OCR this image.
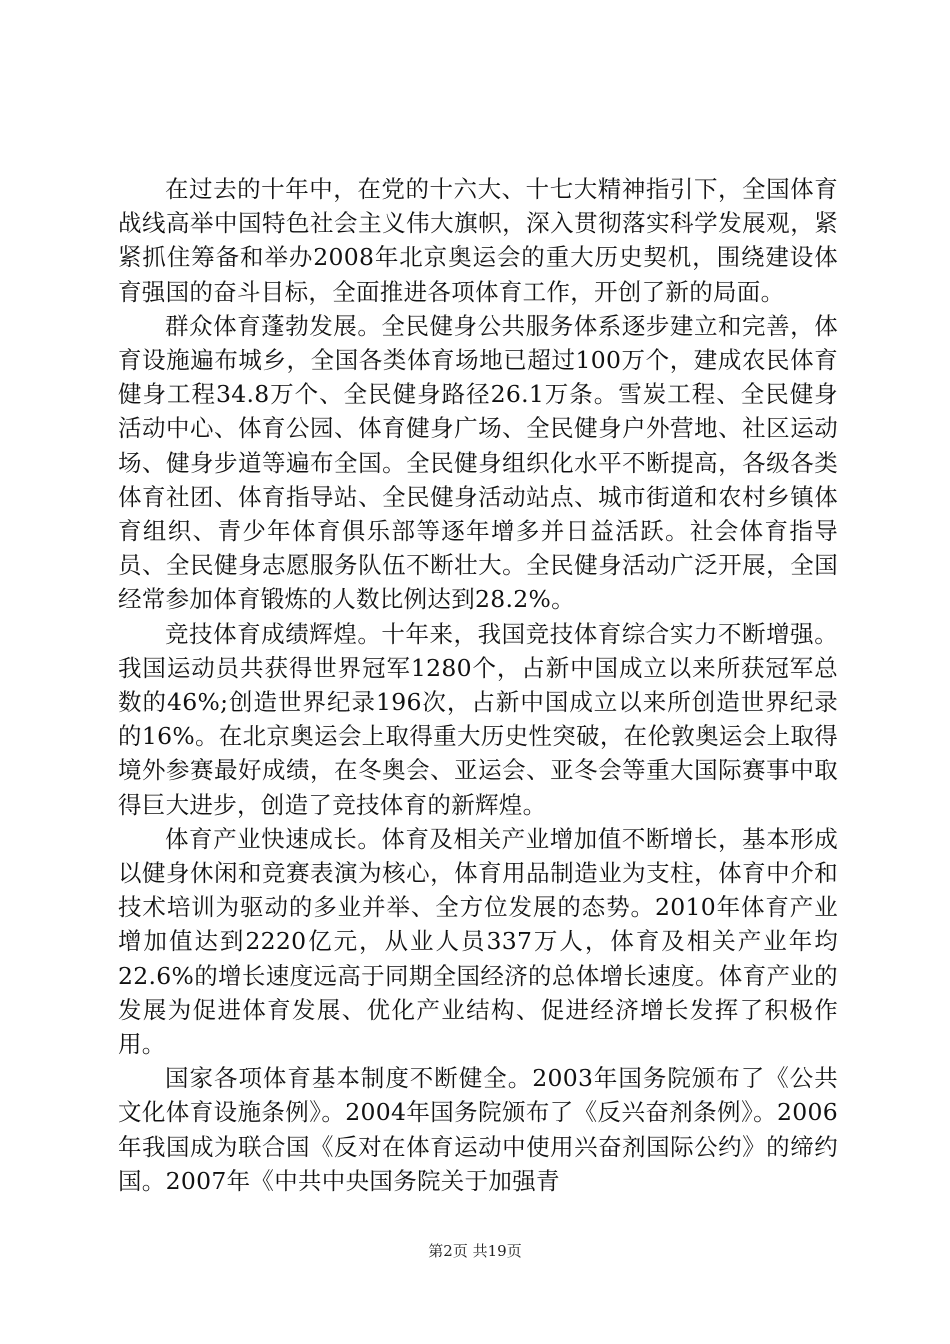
在过去的十年中，在党的十六大、十七大精神指引下，全国体育战线高举中国特色社会主义伟大旗帜，深入贯彻落实科学发展观，紧紧抓住筹备和举办2008年北京奥运会的重大历史契机，围绕建设体育强国的奋斗目标，全面推进各项体育工作，开创了新的局面。

群众体育蓬勃发展。全民健身公共服务体系逐步建立和完善，体育设施遍布城乡，全国各类体育场地已超过100万个，建成农民体育健身工程34.8万个、全民健身路径26.1万条。雪炭工程、全民健身活动中心、体育公园、体育健身广场、全民健身户外营地、社区运动场、健身步道等遍布全国。全民健身组织化水平不断提高，各级各类体育社团、体育指导站、全民健身活动站点、城市街道和农村乡镇体育组织、青少年体育俱乐部等逐年增多并日益活跃。社会体育指导员、全民健身志愿服务队伍不断壮大。全民健身活动广泛开展，全国经常参加体育锻炼的人数比例达到28.2%。

竞技体育成绩辉煌。十年来，我国竞技体育综合实力不断增强。我国运动员共获得世界冠军1280个，占新中国成立以来所获冠军总数的46%;创造世界纪录196次，占新中国成立以来所创造世界纪录的16%。在北京奥运会上取得重大历史性突破，在伦敦奥运会上取得境外参赛最好成绩，在冬奥会、亚运会、亚冬会等重大国际赛事中取得巨大进步，创造了竞技体育的新辉煌。

体育产业快速成长。体育及相关产业增加值不断增长，基本形成以健身休闲和竞赛表演为核心，体育用品制造业为支柱，体育中介和技术培训为驱动的多业并举、全方位发展的态势。2010年体育产业增加值达到2220亿元，从业人员337万人，体育及相关产业年均22.6%的增长速度远高于同期全国经济的总体增长速度。体育产业的发展为促进体育发展、优化产业结构、促进经济增长发挥了积极作用。

国家各项体育基本制度不断健全。2003年国务院颁布了《公共文化体育设施条例》。2004年国务院颁布了《反兴奋剂条例》。2006年我国成为联合国《反对在体育运动中使用兴奋剂国际公约》的缔约国。2007年《中共中央国务院关于加强青

第2页 共19页
